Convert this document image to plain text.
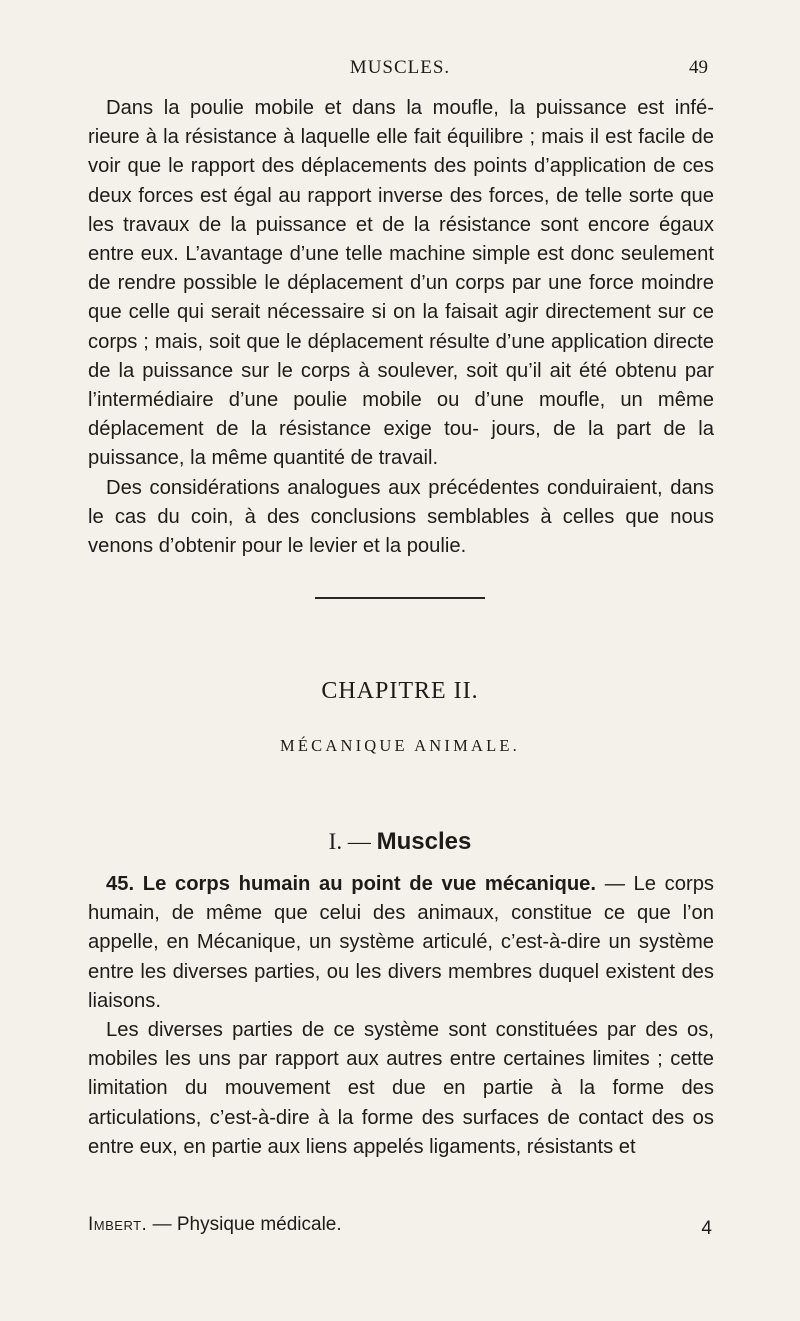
MUSCLES.	49

Dans la poulie mobile et dans la moufle, la puissance est infé- rieure à la résistance à laquelle elle fait équilibre ; mais il est facile de voir que le rapport des déplacements des points d’application de ces deux forces est égal au rapport inverse des forces, de telle sorte que les travaux de la puissance et de la résistance sont encore égaux entre eux. L’avantage d’une telle machine simple est donc seulement de rendre possible le déplacement d’un corps par une force moindre que celle qui serait nécessaire si on la faisait agir directement sur ce corps ; mais, soit que le déplacement résulte d’une application directe de la puissance sur le corps à soulever, soit qu’il ait été obtenu par l’intermédiaire d’une poulie mobile ou d’une moufle, un même déplacement de la résistance exige tou- jours, de la part de la puissance, la même quantité de travail.

Des considérations analogues aux précédentes conduiraient, dans le cas du coin, à des conclusions semblables à celles que nous venons d’obtenir pour le levier et la poulie.

CHAPITRE II.
MÉCANIQUE ANIMALE.
I. — Muscles

45. Le corps humain au point de vue mécanique. — Le corps humain, de même que celui des animaux, constitue ce que l’on appelle, en Mécanique, un système articulé, c’est-à-dire un système entre les diverses parties, ou les divers membres duquel existent des liaisons.

Les diverses parties de ce système sont constituées par des os, mobiles les uns par rapport aux autres entre certaines limites ; cette limitation du mouvement est due en partie à la forme des articulations, c’est-à-dire à la forme des surfaces de contact des os entre eux, en partie aux liens appelés ligaments, résistants et

Imbert. — Physique médicale.	4
